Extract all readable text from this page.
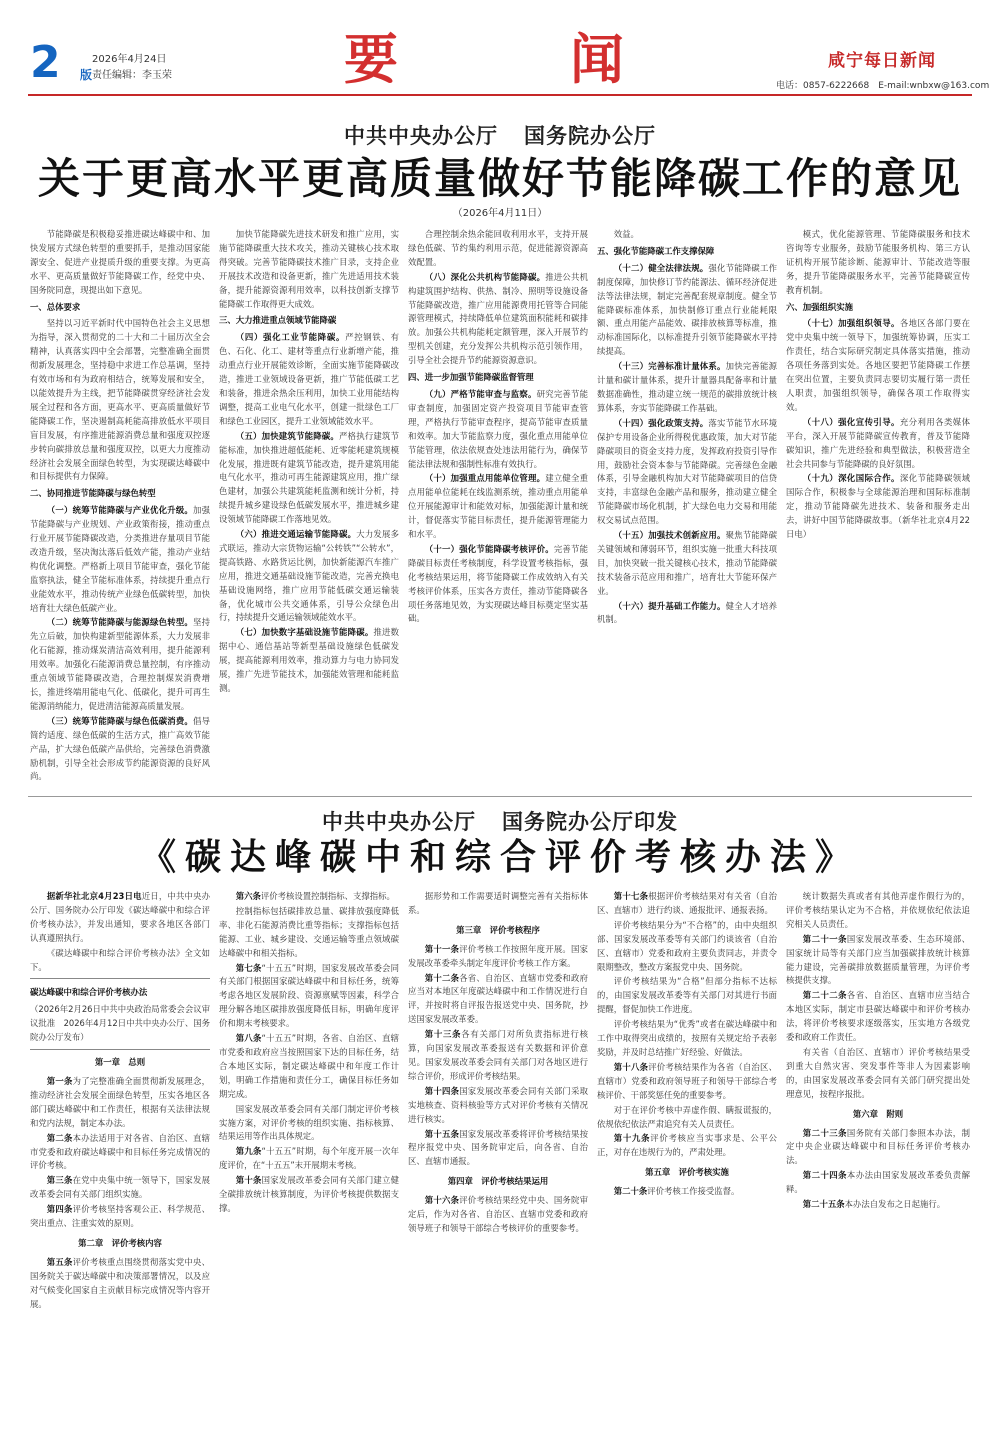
2 版
2026年4月24日
责任编辑：李玉荣	要	闻	咸宁每日新闻
电话：0857-6222668　E-mail:wnbxw@163.com
中共中央办公厅 国务院办公厅
关于更高水平更高质量做好节能降碳工作的意见
（2026年4月11日）

节能降碳是积极稳妥推进碳达峰碳中和、加快发展方式绿色转型的重要抓手，是推动国家能源安全、促进产业提质升级的重要支撑。为更高水平、更高质量做好节能降碳工作，经党中央、国务院同意，现提出如下意见。

一、总体要求

坚持以习近平新时代中国特色社会主义思想为指导，深入贯彻党的二十大和二十届历次全会精神，认真落实四中全会部署，完整准确全面贯彻新发展理念，坚持稳中求进工作总基调，坚持有效市场和有为政府相结合，统筹发展和安全，以能效提升为主线，把节能降碳贯穿经济社会发展全过程和各方面，更高水平、更高质量做好节能降碳工作，坚决遏制高耗能高排放低水平项目盲目发展，有序推进能源消费总量和强度双控逐步转向碳排放总量和强度双控，以更大力度推动经济社会发展全面绿色转型，为实现碳达峰碳中和目标提供有力保障。

二、协同推进节能降碳与绿色转型

（一）统筹节能降碳与产业优化升级。加强节能降碳与产业规划、产业政策衔接，推动重点行业开展节能降碳改造，分类推进存量项目节能改造升级，坚决淘汰落后低效产能，推动产业结构优化调整。严格新上项目节能审查，强化节能监察执法，健全节能标准体系，持续提升重点行业能效水平，推动传统产业绿色低碳转型，加快培育壮大绿色低碳产业。

（二）统筹节能降碳与能源绿色转型。坚持先立后破，加快构建新型能源体系，大力发展非化石能源，推动煤炭清洁高效利用，提升能源利用效率。加强化石能源消费总量控制，有序推动重点领域节能降碳改造，合理控制煤炭消费增长，推进终端用能电气化、低碳化，提升可再生能源消纳能力，促进清洁能源高质量发展。

（三）统筹节能降碳与绿色低碳消费。倡导简约适度、绿色低碳的生活方式，推广高效节能产品，扩大绿色低碳产品供给，完善绿色消费激励机制，引导全社会形成节约能源资源的良好风尚。

加快节能降碳先进技术研发和推广应用，实施节能降碳重大技术攻关，推动关键核心技术取得突破。完善节能降碳技术推广目录，支持企业开展技术改造和设备更新，推广先进适用技术装备，提升能源资源利用效率，以科技创新支撑节能降碳工作取得更大成效。

三、大力推进重点领域节能降碳

（四）强化工业节能降碳。严控钢铁、有色、石化、化工、建材等重点行业新增产能，推动重点行业开展能效诊断，全面实施节能降碳改造，推进工业领域设备更新，推广节能低碳工艺和装备，推进余热余压利用，加快工业用能结构调整，提高工业电气化水平，创建一批绿色工厂和绿色工业园区，提升工业领域能效水平。

（五）加快建筑节能降碳。严格执行建筑节能标准，加快推进超低能耗、近零能耗建筑规模化发展，推进既有建筑节能改造，提升建筑用能电气化水平，推动可再生能源建筑应用，推广绿色建材，加强公共建筑能耗监测和统计分析，持续提升城乡建设绿色低碳发展水平，推进城乡建设领域节能降碳工作落地见效。

（六）推进交通运输节能降碳。大力发展多式联运，推动大宗货物运输“公转铁”“公转水”，提高铁路、水路货运比例，加快新能源汽车推广应用，推进交通基础设施节能改造，完善充换电基础设施网络，推广应用节能低碳交通运输装备，优化城市公共交通体系，引导公众绿色出行，持续提升交通运输领域能效水平。

（七）加快数字基础设施节能降碳。推进数据中心、通信基站等新型基础设施绿色低碳发展，提高能源利用效率，推动算力与电力协同发展，推广先进节能技术，加强能效管理和能耗监测。

合理控制余热余能回收利用水平，支持开展绿色低碳、节约集约利用示范，促进能源资源高效配置。

（八）深化公共机构节能降碳。推进公共机构建筑围护结构、供热、制冷、照明等设施设备节能降碳改造，推广应用能源费用托管等合同能源管理模式，持续降低单位建筑面积能耗和碳排放。加强公共机构能耗定额管理，深入开展节约型机关创建，充分发挥公共机构示范引领作用，引导全社会提升节约能源资源意识。

四、进一步加强节能降碳监督管理

（九）严格节能审查与监察。研究完善节能审查制度，加强固定资产投资项目节能审查管理，严格执行节能审查程序，提高节能审查质量和效率。加大节能监察力度，强化重点用能单位节能管理，依法依规查处违法用能行为，确保节能法律法规和强制性标准有效执行。

（十）加强重点用能单位管理。建立健全重点用能单位能耗在线监测系统，推动重点用能单位开展能源审计和能效对标，加强能源计量和统计，督促落实节能目标责任，提升能源管理能力和水平。

（十一）强化节能降碳考核评价。完善节能降碳目标责任考核制度，科学设置考核指标，强化考核结果运用，将节能降碳工作成效纳入有关考核评价体系，压实各方责任，推动节能降碳各项任务落地见效，为实现碳达峰目标奠定坚实基础。

效益。

五、强化节能降碳工作支撑保障

（十二）健全法律法规。强化节能降碳工作制度保障，加快修订节约能源法、循环经济促进法等法律法规，制定完善配套规章制度。健全节能降碳标准体系，加快制修订重点行业能耗限额、重点用能产品能效、碳排放核算等标准，推动标准国际化，以标准提升引领节能降碳水平持续提高。

（十三）完善标准计量体系。加快完善能源计量和碳计量体系，提升计量器具配备率和计量数据准确性，推动建立统一规范的碳排放统计核算体系，夯实节能降碳工作基础。

（十四）强化政策支持。落实节能节水环境保护专用设备企业所得税优惠政策，加大对节能降碳项目的资金支持力度，发挥政府投资引导作用，鼓励社会资本参与节能降碳。完善绿色金融体系，引导金融机构加大对节能降碳项目的信贷支持，丰富绿色金融产品和服务，推动建立健全节能降碳市场化机制，扩大绿色电力交易和用能权交易试点范围。

（十五）加强技术创新应用。聚焦节能降碳关键领域和薄弱环节，组织实施一批重大科技项目，加快突破一批关键核心技术，推动节能降碳技术装备示范应用和推广，培育壮大节能环保产业。

（十六）提升基础工作能力。健全人才培养机制。

模式，优化能源管理、节能降碳服务和技术咨询等专业服务，鼓励节能服务机构、第三方认证机构开展节能诊断、能源审计、节能改造等服务，提升节能降碳服务水平，完善节能降碳宣传教育机制。

六、加强组织实施

（十七）加强组织领导。各地区各部门要在党中央集中统一领导下，加强统筹协调，压实工作责任，结合实际研究制定具体落实措施，推动各项任务落到实处。各地区要把节能降碳工作摆在突出位置，主要负责同志要切实履行第一责任人职责，加强组织领导，确保各项工作取得实效。

（十八）强化宣传引导。充分利用各类媒体平台，深入开展节能降碳宣传教育，普及节能降碳知识，推广先进经验和典型做法，积极营造全社会共同参与节能降碳的良好氛围。

（十九）深化国际合作。深化节能降碳领域国际合作，积极参与全球能源治理和国际标准制定，推动节能降碳先进技术、装备和服务走出去，讲好中国节能降碳故事。（新华社北京4月22日电）

中共中央办公厅 国务院办公厅印发
《碳达峰碳中和综合评价考核办法》

据新华社北京4月23日电近日，中共中央办公厅、国务院办公厅印发《碳达峰碳中和综合评价考核办法》，并发出通知，要求各地区各部门认真遵照执行。

《碳达峰碳中和综合评价考核办法》全文如下。

碳达峰碳中和综合评价考核办法
（2026年2月26日中共中央政治局常委会会议审议批准　2026年4月12日中共中央办公厅、国务院办公厅发布）
第一章　总则

第一条为了完整准确全面贯彻新发展理念，推动经济社会发展全面绿色转型，压实各地区各部门碳达峰碳中和工作责任，根据有关法律法规和党内法规，制定本办法。

第二条本办法适用于对各省、自治区、直辖市党委和政府碳达峰碳中和目标任务完成情况的评价考核。

第三条在党中央集中统一领导下，国家发展改革委会同有关部门组织实施。

第四条评价考核坚持客观公正、科学规范、突出重点、注重实效的原则。

第二章　评价考核内容

第五条评价考核重点围绕贯彻落实党中央、国务院关于碳达峰碳中和决策部署情况，以及应对气候变化国家自主贡献目标完成情况等内容开展。

第六条评价考核设置控制指标、支撑指标。

控制指标包括碳排放总量、碳排放强度降低率、非化石能源消费比重等指标；支撑指标包括能源、工业、城乡建设、交通运输等重点领域碳达峰碳中和相关指标。

第七条“十五五”时期，国家发展改革委会同有关部门根据国家碳达峰碳中和目标任务，统筹考虑各地区发展阶段、资源禀赋等因素，科学合理分解各地区碳排放强度降低目标，明确年度评价和期末考核要求。

第八条“十五五”时期，各省、自治区、直辖市党委和政府应当按照国家下达的目标任务，结合本地区实际，制定碳达峰碳中和年度工作计划，明确工作措施和责任分工，确保目标任务如期完成。

国家发展改革委会同有关部门制定评价考核实施方案，对评价考核的组织实施、指标核算、结果运用等作出具体规定。

第九条“十五五”时期，每个年度开展一次年度评价，在“十五五”末开展期末考核。

第十条国家发展改革委会同有关部门建立健全碳排放统计核算制度，为评价考核提供数据支撑。

据形势和工作需要适时调整完善有关指标体系。

第三章　评价考核程序

第十一条评价考核工作按照年度开展。国家发展改革委牵头制定年度评价考核工作方案。

第十二条各省、自治区、直辖市党委和政府应当对本地区年度碳达峰碳中和工作情况进行自评，并按时将自评报告报送党中央、国务院，抄送国家发展改革委。

第十三条各有关部门对所负责指标进行核算，向国家发展改革委报送有关数据和评价意见。国家发展改革委会同有关部门对各地区进行综合评价，形成评价考核结果。

第十四条国家发展改革委会同有关部门采取实地核查、资料核验等方式对评价考核有关情况进行核实。

第十五条国家发展改革委将评价考核结果按程序报党中央、国务院审定后，向各省、自治区、直辖市通报。

第四章　评价考核结果运用

第十六条评价考核结果经党中央、国务院审定后，作为对各省、自治区、直辖市党委和政府领导班子和领导干部综合考核评价的重要参考。

第十七条根据评价考核结果对有关省（自治区、直辖市）进行约谈、通报批评、通报表扬。

评价考核结果分为“不合格”的，由中央组织部、国家发展改革委等有关部门约谈该省（自治区、直辖市）党委和政府主要负责同志，并责令限期整改，整改方案报党中央、国务院。

评价考核结果为“合格”但部分指标不达标的，由国家发展改革委等有关部门对其进行书面提醒，督促加快工作进度。

评价考核结果为“优秀”或者在碳达峰碳中和工作中取得突出成绩的，按照有关规定给予表彰奖励，并及时总结推广好经验、好做法。

第十八条评价考核结果作为各省（自治区、直辖市）党委和政府领导班子和领导干部综合考核评价、干部奖惩任免的重要参考。

对于在评价考核中弄虚作假、瞒报谎报的，依规依纪依法严肃追究有关人员责任。

第十九条评价考核应当实事求是、公平公正，对存在违规行为的，严肃处理。

第五章　评价考核实施

第二十条评价考核工作接受监督。

统计数据失真或者有其他弄虚作假行为的，评价考核结果认定为不合格，并依规依纪依法追究相关人员责任。

第二十一条国家发展改革委、生态环境部、国家统计局等有关部门应当加强碳排放统计核算能力建设，完善碳排放数据质量管理，为评价考核提供支撑。

第二十二条各省、自治区、直辖市应当结合本地区实际，制定市县碳达峰碳中和评价考核办法，将评价考核要求逐级落实，压实地方各级党委和政府工作责任。

有关省（自治区、直辖市）评价考核结果受到重大自然灾害、突发事件等非人为因素影响的，由国家发展改革委会同有关部门研究提出处理意见，按程序报批。

第六章　附则

第二十三条国务院有关部门参照本办法，制定中央企业碳达峰碳中和目标任务评价考核办法。

第二十四条本办法由国家发展改革委负责解释。

第二十五条本办法自发布之日起施行。
